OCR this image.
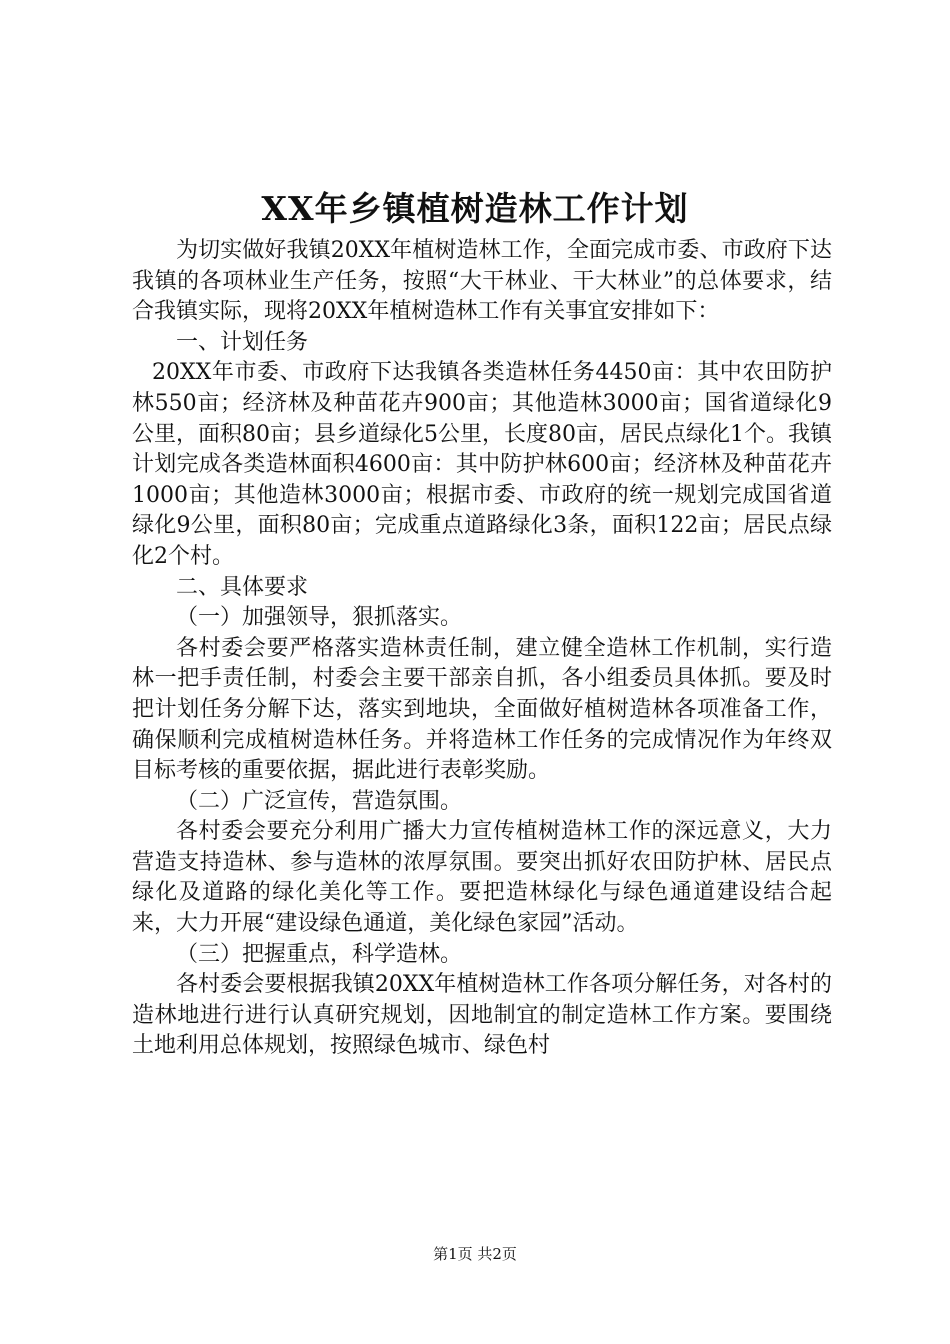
XX年乡镇植树造林工作计划

为切实做好我镇20XX年植树造林工作，全面完成市委、市政府下达我镇的各项林业生产任务，按照“大干林业、干大林业”的总体要求，结合我镇实际，现将20XX年植树造林工作有关事宜安排如下：

一、计划任务

20XX年市委、市政府下达我镇各类造林任务4450亩：其中农田防护林550亩；经济林及种苗花卉900亩；其他造林3000亩；国省道绿化9公里，面积80亩；县乡道绿化5公里，长度80亩，居民点绿化1个。我镇计划完成各类造林面积4600亩：其中防护林600亩；经济林及种苗花卉1000亩；其他造林3000亩；根据市委、市政府的统一规划完成国省道绿化9公里，面积80亩；完成重点道路绿化3条，面积122亩；居民点绿化2个村。

二、具体要求

（一）加强领导，狠抓落实。

各村委会要严格落实造林责任制，建立健全造林工作机制，实行造林一把手责任制，村委会主要干部亲自抓，各小组委员具体抓。要及时把计划任务分解下达，落实到地块，全面做好植树造林各项准备工作，确保顺利完成植树造林任务。并将造林工作任务的完成情况作为年终双目标考核的重要依据，据此进行表彰奖励。

（二）广泛宣传，营造氛围。

各村委会要充分利用广播大力宣传植树造林工作的深远意义，大力营造支持造林、参与造林的浓厚氛围。要突出抓好农田防护林、居民点绿化及道路的绿化美化等工作。要把造林绿化与绿色通道建设结合起来，大力开展“建设绿色通道，美化绿色家园”活动。

（三）把握重点，科学造林。

各村委会要根据我镇20XX年植树造林工作各项分解任务，对各村的造林地进行进行认真研究规划，因地制宜的制定造林工作方案。要围绕土地利用总体规划，按照绿色城市、绿色村

第1页 共2页
